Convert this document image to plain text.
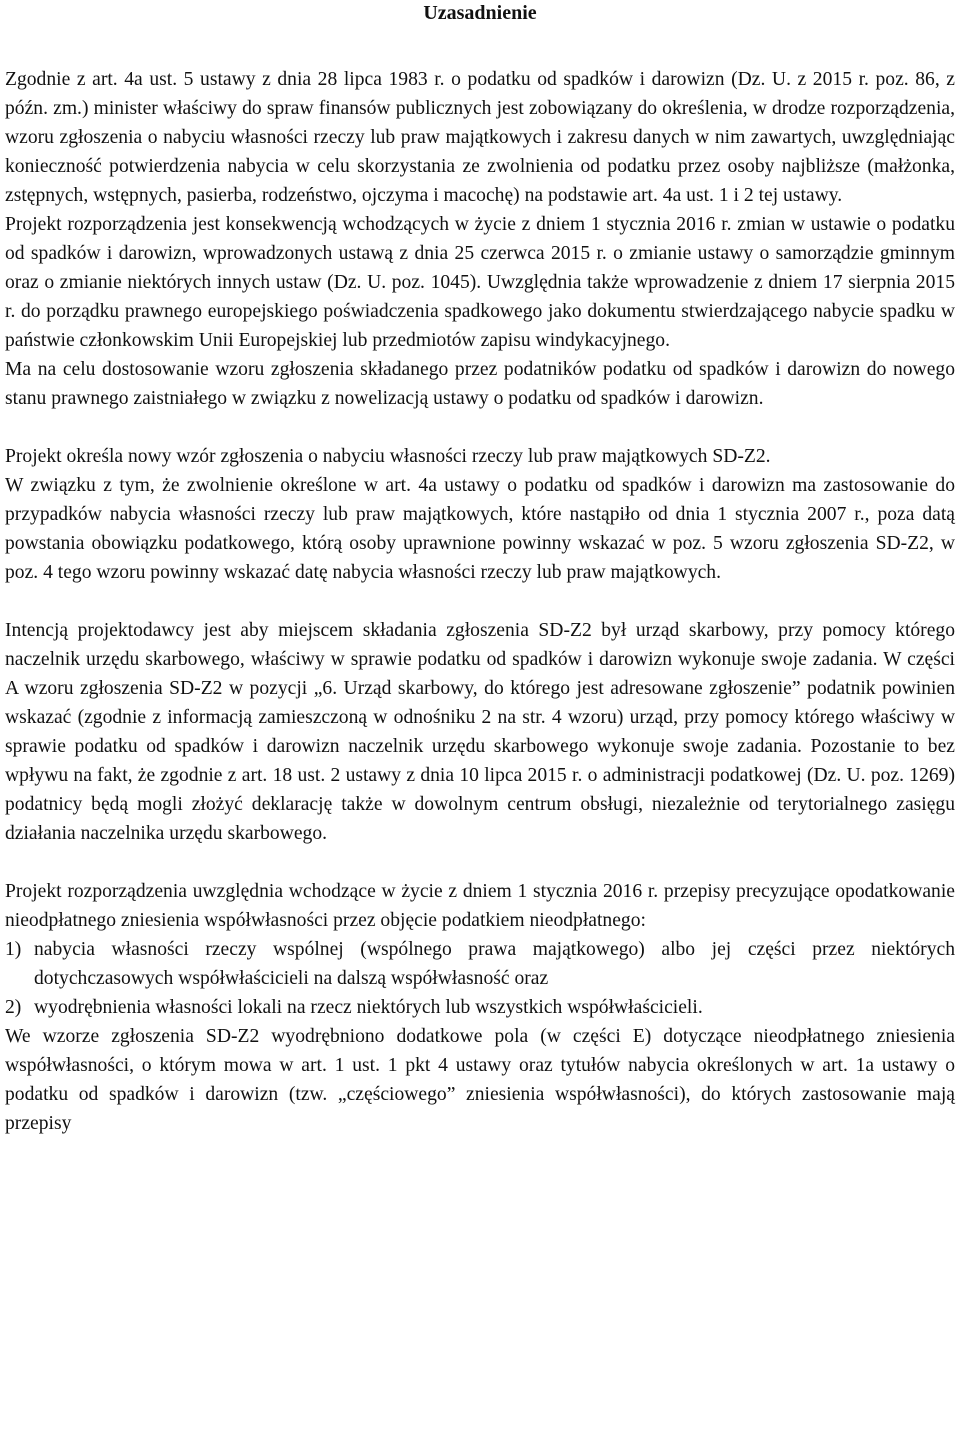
Uzasadnienie

Zgodnie z art. 4a ust. 5 ustawy z dnia 28 lipca 1983 r. o podatku od spadków i darowizn (Dz. U. z 2015 r. poz. 86, z późn. zm.) minister właściwy do spraw finansów publicznych jest zobowiązany do określenia, w drodze rozporządzenia, wzoru zgłoszenia o nabyciu własności rzeczy lub praw majątkowych i zakresu danych w nim zawartych, uwzględniając konieczność potwierdzenia nabycia w celu skorzystania ze zwolnienia od podatku przez osoby najbliższe (małżonka, zstępnych, wstępnych, pasierba, rodzeństwo, ojczyma i macochę) na podstawie art. 4a ust. 1 i 2 tej ustawy.

Projekt rozporządzenia jest konsekwencją wchodzących w życie z dniem 1 stycznia 2016 r. zmian w ustawie o podatku od spadków i darowizn, wprowadzonych ustawą z dnia 25 czerwca 2015 r. o zmianie ustawy o samorządzie gminnym oraz o zmianie niektórych innych ustaw (Dz. U. poz. 1045). Uwzględnia także wprowadzenie z dniem 17 sierpnia 2015 r. do porządku prawnego europejskiego poświadczenia spadkowego jako dokumentu stwierdzającego nabycie spadku w państwie członkowskim Unii Europejskiej lub przedmiotów zapisu windykacyjnego.

Ma na celu dostosowanie wzoru zgłoszenia składanego przez podatników podatku od spadków i darowizn do nowego stanu prawnego zaistniałego w związku z nowelizacją ustawy o podatku od spadków i darowizn.

Projekt określa nowy wzór zgłoszenia o nabyciu własności rzeczy lub praw majątkowych SD-Z2.

W związku z tym, że zwolnienie określone w art. 4a ustawy o podatku od spadków i darowizn ma zastosowanie do przypadków nabycia własności rzeczy lub praw majątkowych, które nastąpiło od dnia 1 stycznia 2007 r., poza datą powstania obowiązku podatkowego, którą osoby uprawnione powinny wskazać w poz. 5 wzoru zgłoszenia SD-Z2, w poz. 4 tego wzoru powinny wskazać datę nabycia własności rzeczy lub praw majątkowych.

Intencją projektodawcy jest aby miejscem składania zgłoszenia SD-Z2 był urząd skarbowy, przy pomocy którego naczelnik urzędu skarbowego, właściwy w sprawie podatku od spadków i darowizn wykonuje swoje zadania. W części A wzoru zgłoszenia SD-Z2 w pozycji „6. Urząd skarbowy, do którego jest adresowane zgłoszenie” podatnik powinien wskazać (zgodnie z informacją zamieszczoną w odnośniku 2 na str. 4 wzoru) urząd, przy pomocy którego właściwy w sprawie podatku od spadków i darowizn naczelnik urzędu skarbowego wykonuje swoje zadania. Pozostanie to bez wpływu na fakt, że zgodnie z art. 18 ust. 2 ustawy z dnia 10 lipca 2015 r. o administracji podatkowej (Dz. U. poz. 1269) podatnicy będą mogli złożyć deklarację także w dowolnym centrum obsługi, niezależnie od terytorialnego zasięgu działania naczelnika urzędu skarbowego.

Projekt rozporządzenia uwzględnia wchodzące w życie z dniem 1 stycznia 2016 r. przepisy precyzujące opodatkowanie nieodpłatnego zniesienia współwłasności przez objęcie podatkiem nieodpłatnego:

1) nabycia własności rzeczy wspólnej (wspólnego prawa majątkowego) albo jej części przez niektórych dotychczasowych współwłaścicieli na dalszą współwłasność oraz
2) wyodrębnienia własności lokali na rzecz niektórych lub wszystkich współwłaścicieli.

We wzorze zgłoszenia SD-Z2 wyodrębniono dodatkowe pola (w części E) dotyczące nieodpłatnego zniesienia współwłasności, o którym mowa w art. 1 ust. 1 pkt 4 ustawy oraz tytułów nabycia określonych w art. 1a ustawy o podatku od spadków i darowizn (tzw. „częściowego” zniesienia współwłasności), do których zastosowanie mają przepisy
